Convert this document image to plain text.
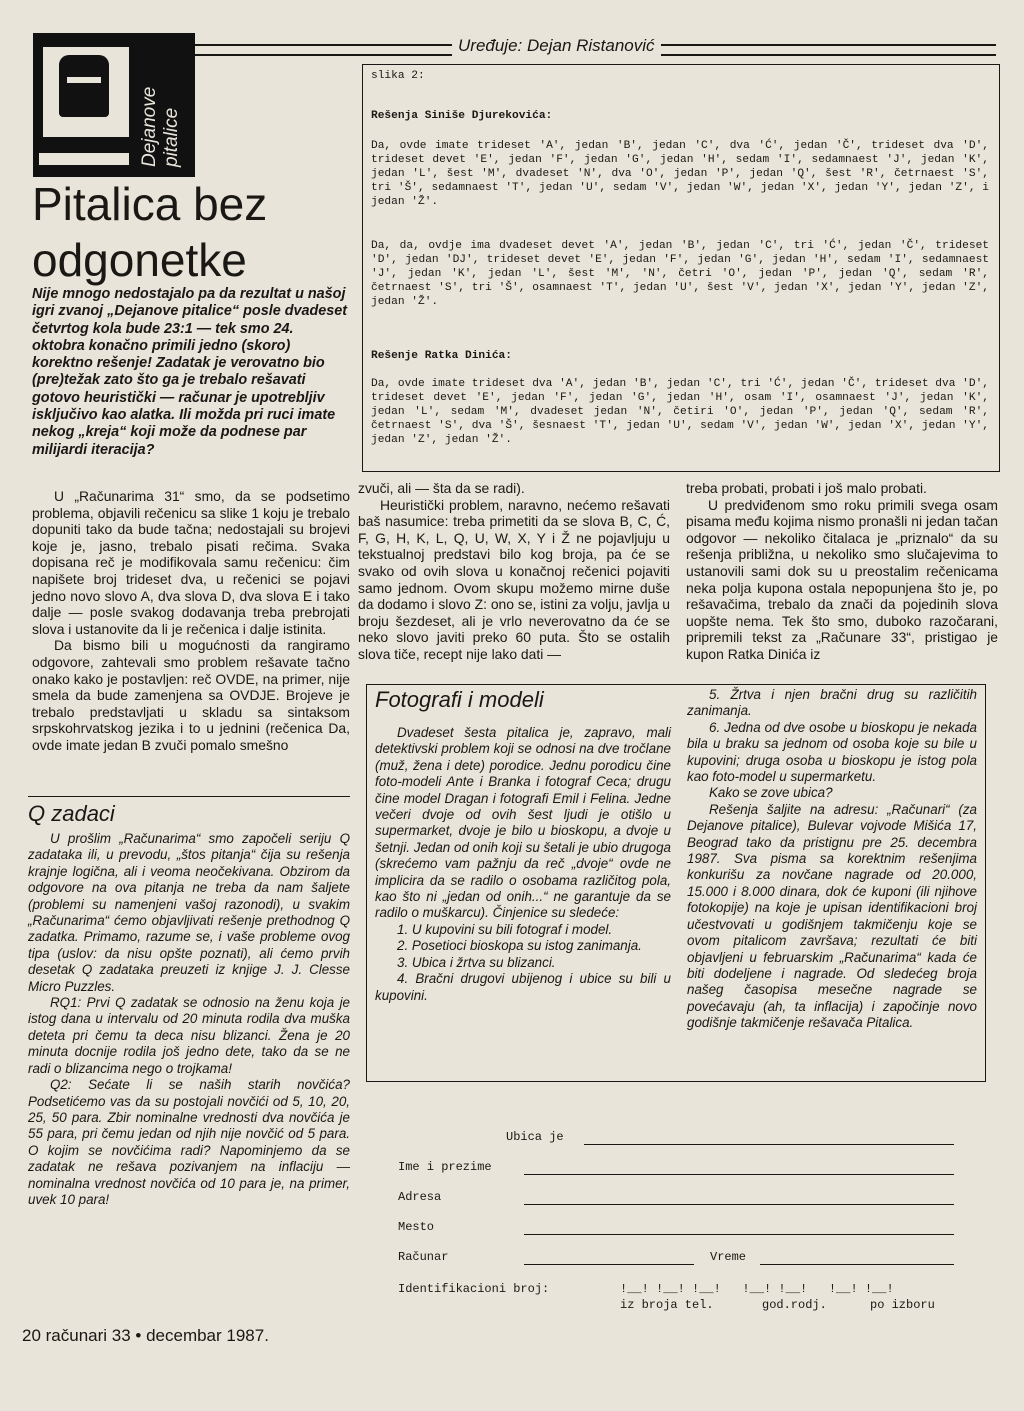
Uređuje: Dejan Ristanović
Dejanove pitalice
Pitalica bez odgonetke
Nije mnogo nedostajalo pa da rezultat u našoj igri zvanoj „Dejanove pitalice“ posle dvadeset četvrtog kola bude 23:1 — tek smo 24. oktobra konačno primili jedno (skoro) korektno rešenje! Zadatak je verovatno bio (pre)težak zato što ga je trebalo rešavati gotovo heuristički — računar je upotrebljiv isključivo kao alatka. Ili možda pri ruci imate nekog „kreja“ koji može da podnese par milijardi iteracija?

U „Računarima 31“ smo, da se podsetimo problema, objavili rečenicu sa slike 1 koju je trebalo dopuniti tako da bude tačna; nedostajali su brojevi koje je, jasno, trebalo pisati rečima. Svaka dopisana reč je modifikovala samu rečenicu: čim napišete broj trideset dva, u rečenici se pojavi jedno novo slovo A, dva slova D, dva slova E i tako dalje — posle svakog dodavanja treba prebrojati slova i ustanovite da li je rečenica i dalje istinita.

Da bismo bili u mogućnosti da rangiramo odgovore, zahtevali smo problem rešavate tačno onako kako je postavljen: reč OVDE, na primer, nije smela da bude zamenjena sa OVDJE. Brojeve je trebalo predstavljati u skladu sa sintaksom srpskohrvatskog jezika i to u jednini (rečenica Da, ovde imate jedan B zvuči pomalo smešno

Q zadaci

U prošlim „Računarima“ smo započeli seriju Q zadataka ili, u prevodu, „štos pitanja“ čija su rešenja krajnje logična, ali i veoma neočekivana. Obzirom da odgovore na ova pitanja ne treba da nam šaljete (problemi su namenjeni vašoj razonodi), u svakim „Računarima“ ćemo objavljivati rešenje prethodnog Q zadatka. Primamo, razume se, i vaše probleme ovog tipa (uslov: da nisu opšte poznati), ali ćemo prvih desetak Q zadataka preuzeti iz knjige J. J. Clesse Micro Puzzles.

RQ1: Prvi Q zadatak se odnosio na ženu koja je istog dana u intervalu od 20 minuta rodila dva muška deteta pri čemu ta deca nisu blizanci. Žena je 20 minuta docnije rodila još jedno dete, tako da se ne radi o blizancima nego o trojkama!

Q2: Sećate li se naših starih novčića? Podsetićemo vas da su postojali novčići od 5, 10, 20, 25, 50 para. Zbir nominalne vrednosti dva novčića je 55 para, pri čemu jedan od njih nije novčić od 5 para. O kojim se novčićima radi? Napominjemo da se zadatak ne rešava pozivanjem na inflaciju — nominalna vrednost novčića od 10 para je, na primer, uvek 10 para!

20 računari 33 • decembar 1987.
slika 2:
Rešenja Siniše Djurekovića:

Da, ovde imate trideset 'A', jedan 'B', jedan 'C', dva 'Ć', jedan 'Č', trideset dva 'D', trideset devet 'E', jedan 'F', jedan 'G', jedan 'H', sedam 'I', sedamnaest 'J', jedan 'K', jedan 'L', šest 'M', dvadeset 'N', dva 'O', jedan 'P', jedan 'Q', šest 'R', četrnaest 'S', tri 'Š', sedamnaest 'T', jedan 'U', sedam 'V', jedan 'W', jedan 'X', jedan 'Y', jedan 'Z', i jedan 'Ž'.

Da, da, ovdje ima dvadeset devet 'A', jedan 'B', jedan 'C', tri 'Ć', jedan 'Č', trideset 'D', jedan 'DJ', trideset devet 'E', jedan 'F', jedan 'G', jedan 'H', sedam 'I', sedamnaest 'J', jedan 'K', jedan 'L', šest 'M', 'N', četri 'O', jedan 'P', jedan 'Q', sedam 'R', četrnaest 'S', tri 'Š', osamnaest 'T', jedan 'U', šest 'V', jedan 'X', jedan 'Y', jedan 'Z', jedan 'Ž'.

Rešenje Ratka Dinića:

Da, ovde imate trideset dva 'A', jedan 'B', jedan 'C', tri 'Ć', jedan 'Č', trideset dva 'D', trideset devet 'E', jedan 'F', jedan 'G', jedan 'H', osam 'I', osamnaest 'J', jedan 'K', jedan 'L', sedam 'M', dvadeset jedan 'N', četiri 'O', jedan 'P', jedan 'Q', sedam 'R', četrnaest 'S', dva 'Š', šesnaest 'T', jedan 'U', sedam 'V', jedan 'W', jedan 'X', jedan 'Y', jedan 'Z', jedan 'Ž'.

zvuči, ali — šta da se radi).

Heuristički problem, naravno, nećemo rešavati baš nasumice: treba primetiti da se slova B, C, Ć, F, G, H, K, L, Q, U, W, X, Y i Ž ne pojavljuju u tekstualnoj predstavi bilo kog broja, pa će se svako od ovih slova u konačnoj rečenici pojaviti samo jednom. Ovom skupu možemo mirne duše da dodamo i slovo Z: ono se, istini za volju, javlja u broju šezdeset, ali je vrlo neverovatno da će se neko slovo javiti preko 60 puta. Što se ostalih slova tiče, recept nije lako dati —

treba probati, probati i još malo probati.

U predviđenom smo roku primili svega osam pisama među kojima nismo pronašli ni jedan tačan odgovor — nekoliko čitalaca je „priznalo“ da su rešenja približna, u nekoliko smo slučajevima to ustanovili sami dok su u preostalim rečenicama neka polja kupona ostala nepopunjena što je, po rešavačima, trebalo da znači da pojedinih slova uopšte nema. Tek što smo, duboko razočarani, pripremili tekst za „Računare 33“, pristigao je kupon Ratka Dinića iz

Fotografi i modeli

Dvadeset šesta pitalica je, zapravo, mali detektivski problem koji se odnosi na dve tročlane (muž, žena i dete) porodice. Jednu porodicu čine foto-modeli Ante i Branka i fotograf Ceca; drugu čine model Dragan i fotografi Emil i Felina. Jedne večeri dvoje od ovih šest ljudi je otišlo u supermarket, dvoje je bilo u bioskopu, a dvoje u šetnji. Jedan od onih koji su šetali je ubio drugoga (skrećemo vam pažnju da reč „dvoje“ ovde ne implicira da se radilo o osobama različitog pola, kao što ni „jedan od onih...“ ne garantuje da se radilo o muškarcu). Činjenice su sledeće:

1. U kupovini su bili fotograf i model.

2. Posetioci bioskopa su istog zanimanja.

3. Ubica i žrtva su blizanci.

4. Bračni drugovi ubijenog i ubice su bili u kupovini.

5. Žrtva i njen bračni drug su različitih zanimanja.

6. Jedna od dve osobe u bioskopu je nekada bila u braku sa jednom od osoba koje su bile u kupovini; druga osoba u bioskopu je istog pola kao foto-model u supermarketu.

Kako se zove ubica?

Rešenja šaljite na adresu: „Računari“ (za Dejanove pitalice), Bulevar vojvode Mišića 17, Beograd tako da pristignu pre 25. decembra 1987. Sva pisma sa korektnim rešenjima konkurišu za novčane nagrade od 20.000, 15.000 i 8.000 dinara, dok će kuponi (ili njihove fotokopije) na koje je upisan identifikacioni broj učestvovati u godišnjem takmičenju koje se ovom pitalicom završava; rezultati će biti objavljeni u februarskim „Računarima“ kada će biti dodeljene i nagrade. Od sledećeg broja našeg časopisa mesečne nagrade se povećavaju (ah, ta inflacija) i započinje novo godišnje takmičenje rešavača Pitalica.

Ubica je
Ime i prezime
Adresa
Mesto
Računar	Vreme
Identifikacioni broj:	!__! !__! !__!   !__! !__!   !__! !__!
iz broja tel.	god.rodj.	po izboru
